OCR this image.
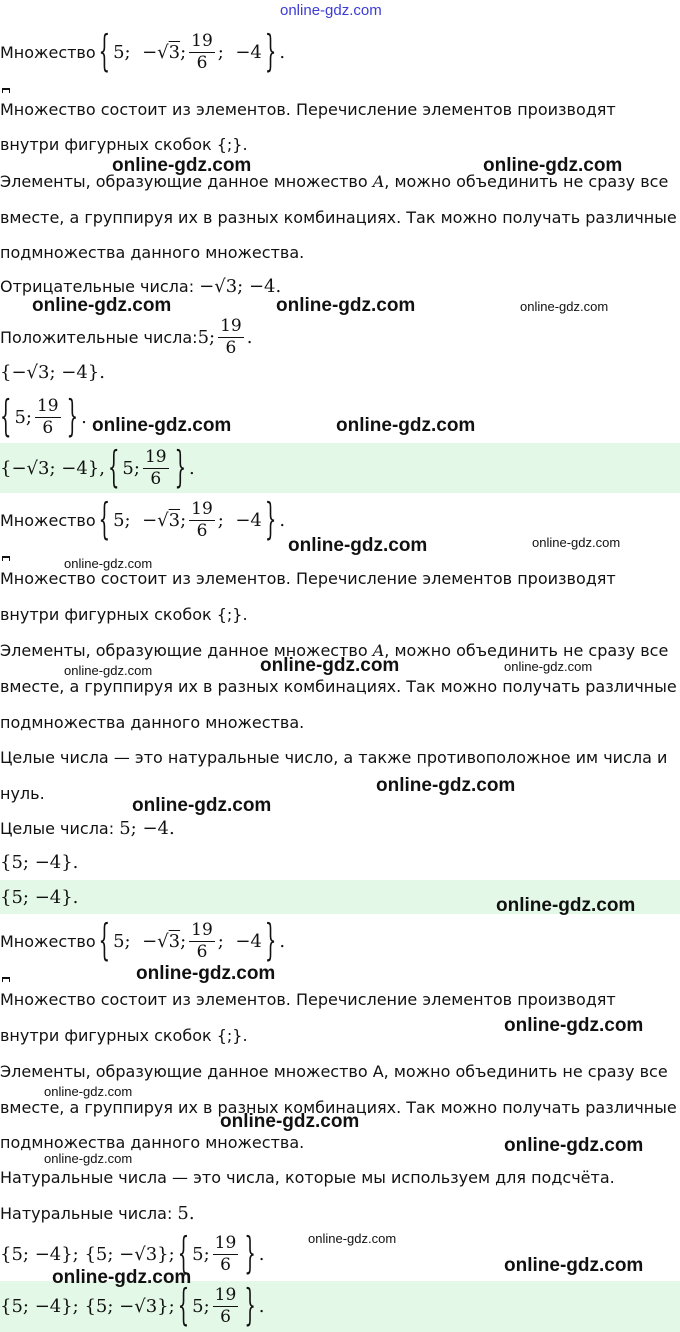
Множество { 5;  −√3; $\frac{19}{6}$ ;  −4 } .
Множество состоит из элементов. Перечисление элементов производят
внутри фигурных скобок {;}.
Элементы, образующие данное множество A, можно объединить не сразу все
вместе, а группируя их в разных комбинациях. Так можно получать различные
подмножества данного множества.
Отрицательные числа: −√3; −4.
Положительные числа: 5; $\frac{19}{6}$ .
{−√3; −4}.
{ 5; $\frac{19}{6}$ } .
{−√3; −4}, { 5; $\frac{19}{6}$ } .
Множество { 5;  −√3; $\frac{19}{6}$ ;  −4 } .
Множество состоит из элементов. Перечисление элементов производят
внутри фигурных скобок {;}.
Элементы, образующие данное множество A, можно объединить не сразу все
вместе, а группируя их в разных комбинациях. Так можно получать различные
подмножества данного множества.
Целые числа — это натуральные число, а также противоположное им числа и
нуль.
Целые числа: 5; −4.
{5; −4}.
{5; −4}.
Множество { 5;  −√3; $\frac{19}{6}$ ;  −4 } .
Множество состоит из элементов. Перечисление элементов производят
внутри фигурных скобок {;}.
Элементы, образующие данное множество А, можно объединить не сразу все
вместе, а группируя их в разных комбинациях. Так можно получать различные
подмножества данного множества.
Натуральные числа — это числа, которые мы используем для подсчёта.
Натуральные числа: 5.
{5; −4}; {5; −√3}; { 5; $\frac{19}{6}$ } .
{5; −4}; {5; −√3}; { 5; $\frac{19}{6}$ } .
online-gdz.com
online-gdz.com	online-gdz.com
online-gdz.com	online-gdz.com	online-gdz.com
online-gdz.com	online-gdz.com
online-gdz.com	online-gdz.com
online-gdz.com
online-gdz.com	online-gdz.com
online-gdz.com
online-gdz.com
online-gdz.com
online-gdz.com
online-gdz.com
online-gdz.com
online-gdz.com
online-gdz.com
online-gdz.com
online-gdz.com
online-gdz.com
online-gdz.com
online-gdz.com
